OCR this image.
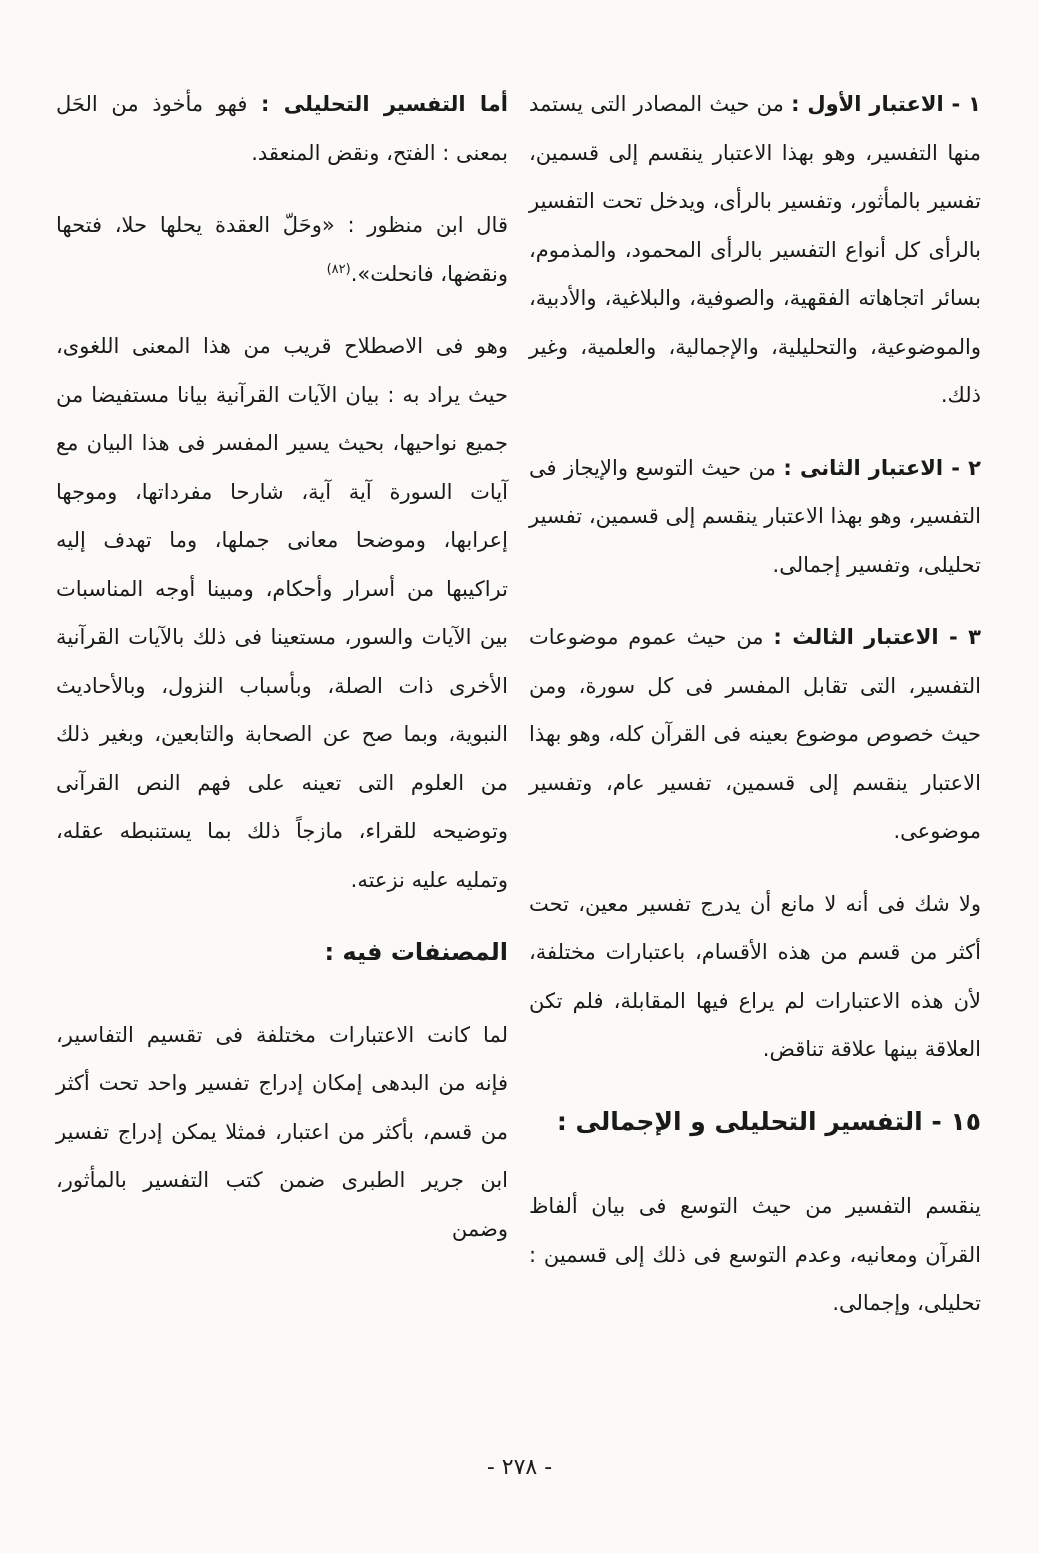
١ - الاعتبار الأول : من حيث المصادر التى يستمد منها التفسير، وهو بهذا الاعتبار ينقسم إلى قسمين، تفسير بالمأثور، وتفسير بالرأى، ويدخل تحت التفسير بالرأى كل أنواع التفسير بالرأى المحمود، والمذموم، بسائر اتجاهاته الفقهية، والصوفية، والبلاغية، والأدبية، والموضوعية، والتحليلية، والإجمالية، والعلمية، وغير ذلك.

٢ - الاعتبار الثانى : من حيث التوسع والإيجاز فى التفسير، وهو بهذا الاعتبار ينقسم إلى قسمين، تفسير تحليلى، وتفسير إجمالى.

٣ - الاعتبار الثالث : من حيث عموم موضوعات التفسير، التى تقابل المفسر فى كل سورة، ومن حيث خصوص موضوع بعينه فى القرآن كله، وهو بهذا الاعتبار ينقسم إلى قسمين، تفسير عام، وتفسير موضوعى.

ولا شك فى أنه لا مانع أن يدرج تفسير معين، تحت أكثر من قسم من هذه الأقسام، باعتبارات مختلفة، لأن هذه الاعتبارات لم يراع فيها المقابلة، فلم تكن العلاقة بينها علاقة تناقض.

١٥ - التفسير التحليلى و الإجمالى :

ينقسم التفسير من حيث التوسع فى بيان ألفاظ القرآن ومعانيه، وعدم التوسع فى ذلك إلى قسمين : تحليلى، وإجمالى.

أما التفسير التحليلى : فهو مأخوذ من الحَل بمعنى : الفتح، ونقض المنعقد.

قال ابن منظور : «وحَلّ العقدة يحلها حلا، فتحها ونقضها، فانحلت».$^{(٨٢)}$

وهو فى الاصطلاح قريب من هذا المعنى اللغوى، حيث يراد به : بيان الآيات القرآنية بيانا مستفيضا من جميع نواحيها، بحيث يسير المفسر فى هذا البيان مع آيات السورة آية آية، شارحا مفرداتها، وموجها إعرابها، وموضحا معانى جملها، وما تهدف إليه تراكيبها من أسرار وأحكام، ومبينا أوجه المناسبات بين الآيات والسور، مستعينا فى ذلك بالآيات القرآنية الأخرى ذات الصلة، وبأسباب النزول، وبالأحاديث النبوية، وبما صح عن الصحابة والتابعين، وبغير ذلك من العلوم التى تعينه على فهم النص القرآنى وتوضيحه للقراء، مازجاً ذلك بما يستنبطه عقله، وتمليه عليه نزعته.

المصنفات فيه :

لما كانت الاعتبارات مختلفة فى تقسيم التفاسير، فإنه من البدهى إمكان إدراج تفسير واحد تحت أكثر من قسم، بأكثر من اعتبار، فمثلا يمكن إدراج تفسير ابن جرير الطبرى ضمن كتب التفسير بالمأثور، وضمن

- ٢٧٨ -
